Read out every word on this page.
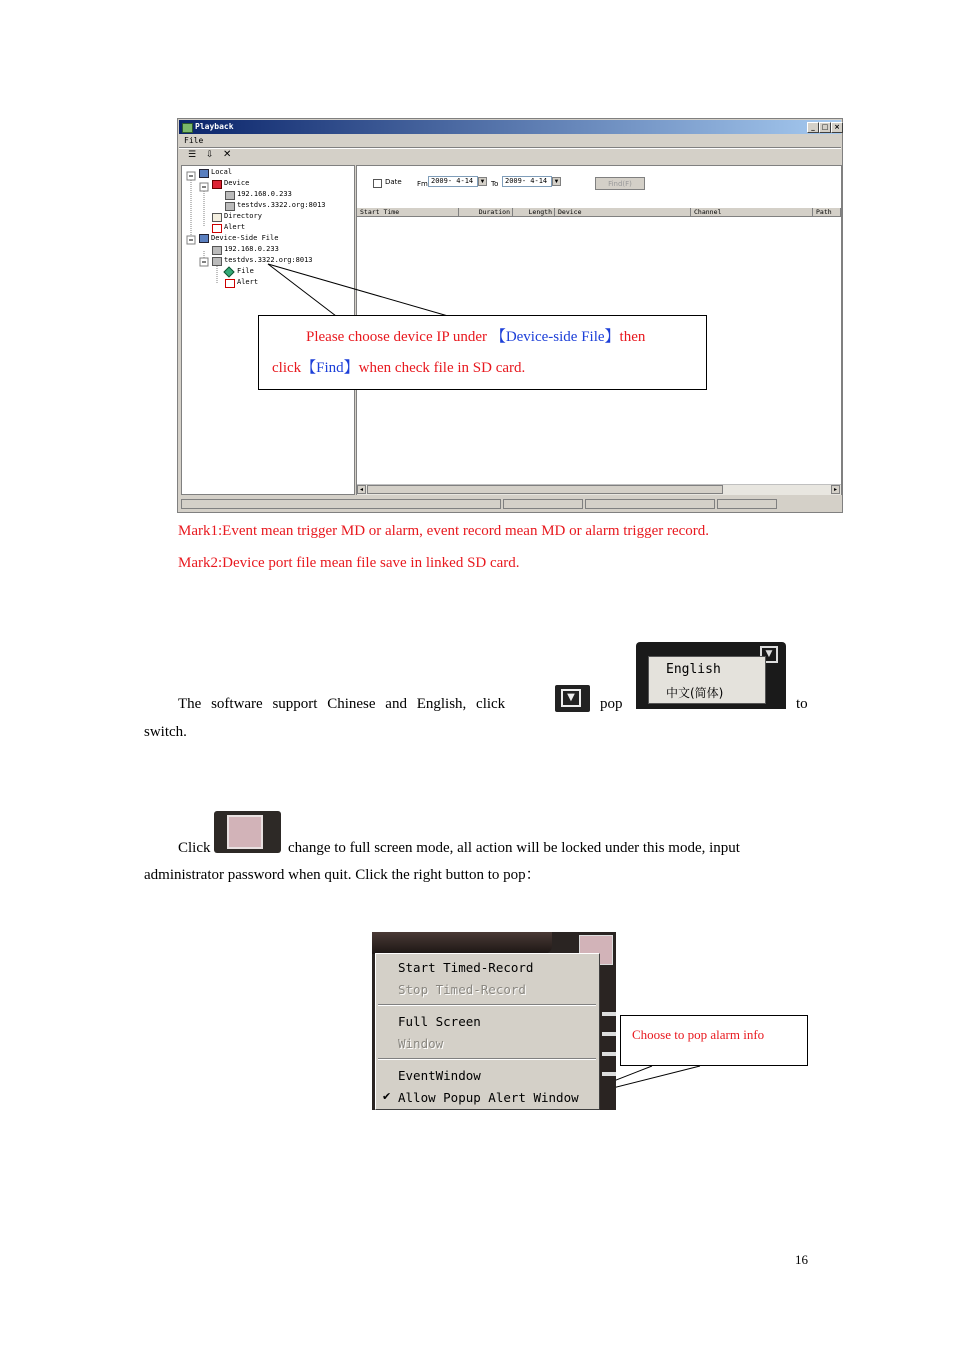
Playback	_ □ ×
File
☰ ⇩ ✕
Local
Device
192.168.0.233
testdvs.3322.org:8013
Directory
Alert
Device-Side File
192.168.0.233
testdvs.3322.org:8013
File
Alert
Date Fm 2009- 4-14	▼ To 2009- 4-14	▼	Find(F)
Start Time	Duration	Length Device	Channel	Path
◂	▸
Please choose device IP under 【Device-side File】then
click【Find】when check file in SD card.
Mark1:Event mean trigger MD or alarm, event record mean MD or alarm trigger record.
Mark2:Device port file mean file save in linked SD card.
The software support Chinese and English, click	▼	pop
▼
English
中文(简体)
to
switch.
Click	change to full screen mode, all action will be locked under this mode, input
administrator password when quit. Click the right button to pop：
Start Timed-Record
Stop Timed-Record
Full Screen
Window
EventWindow
✔ Allow Popup Alert Window
Choose to pop alarm info
16
